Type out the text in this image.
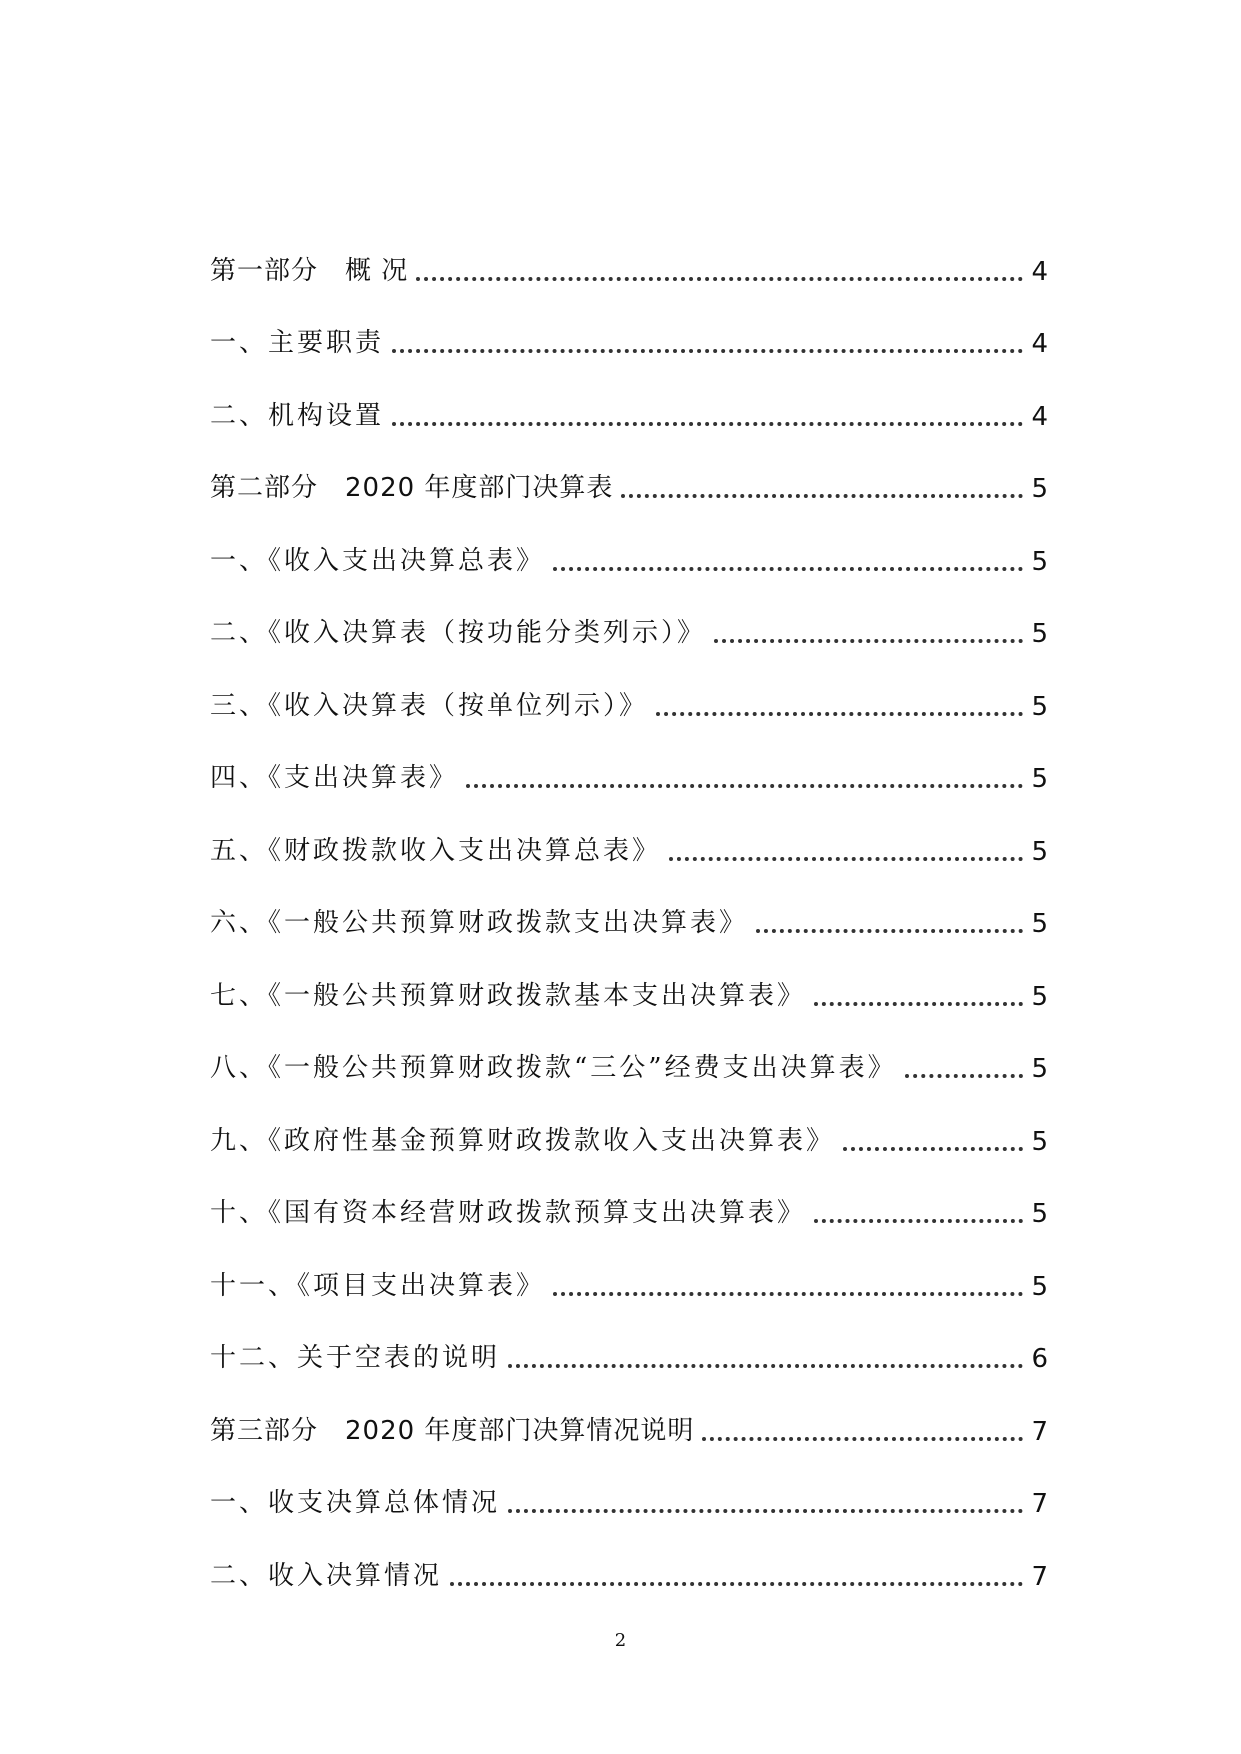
第一部分　概 况	4
一、主要职责	4
二、机构设置	4
第二部分　2020 年度部门决算表	5
一、《收入支出决算总表》	5
二、《收入决算表（按功能分类列示）》	5
三、《收入决算表（按单位列示）》	5
四、《支出决算表》	5
五、《财政拨款收入支出决算总表》	5
六、《一般公共预算财政拨款支出决算表》	5
七、《一般公共预算财政拨款基本支出决算表》	5
八、《一般公共预算财政拨款“三公”经费支出决算表》	5
九、《政府性基金预算财政拨款收入支出决算表》	5
十、《国有资本经营财政拨款预算支出决算表》	5
十一、《项目支出决算表》	5
十二、关于空表的说明	6
第三部分　2020 年度部门决算情况说明	7
一、收支决算总体情况	7
二、收入决算情况	7
2
